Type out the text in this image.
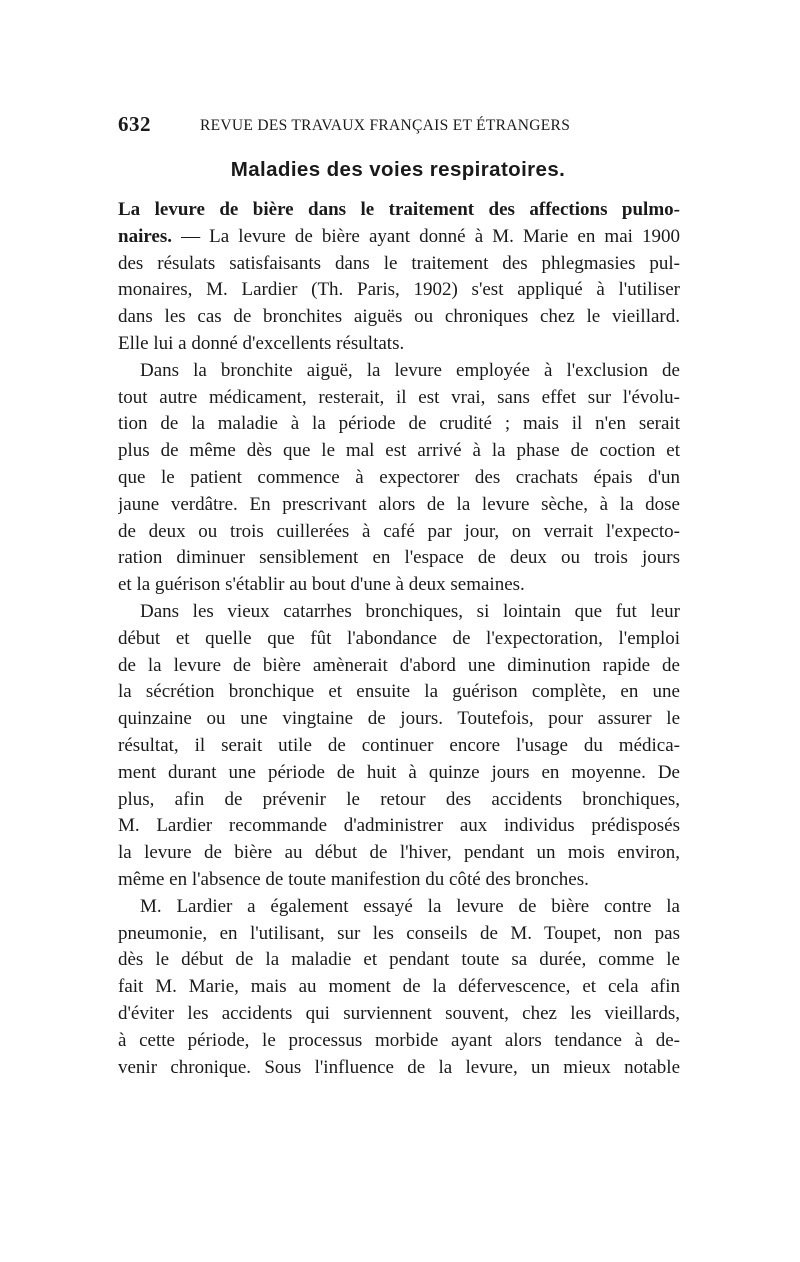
632	REVUE DES TRAVAUX FRANÇAIS ET ÉTRANGERS
Maladies des voies respiratoires.
La levure de bière dans le traitement des affections pulmo-
naires. — La levure de bière ayant donné à M. Marie en mai 1900
des résulats satisfaisants dans le traitement des phlegmasies pul-
monaires, M. Lardier (Th. Paris, 1902) s'est appliqué à l'utiliser
dans les cas de bronchites aiguës ou chroniques chez le vieillard.
Elle lui a donné d'excellents résultats.
Dans la bronchite aiguë, la levure employée à l'exclusion de
tout autre médicament, resterait, il est vrai, sans effet sur l'évolu-
tion de la maladie à la période de crudité ; mais il n'en serait
plus de même dès que le mal est arrivé à la phase de coction et
que le patient commence à expectorer des crachats épais d'un
jaune verdâtre. En prescrivant alors de la levure sèche, à la dose
de deux ou trois cuillerées à café par jour, on verrait l'expecto-
ration diminuer sensiblement en l'espace de deux ou trois jours
et la guérison s'établir au bout d'une à deux semaines.
Dans les vieux catarrhes bronchiques, si lointain que fut leur
début et quelle que fût l'abondance de l'expectoration, l'emploi
de la levure de bière amènerait d'abord une diminution rapide de
la sécrétion bronchique et ensuite la guérison complète, en une
quinzaine ou une vingtaine de jours. Toutefois, pour assurer le
résultat, il serait utile de continuer encore l'usage du médica-
ment durant une période de huit à quinze jours en moyenne. De
plus, afin de prévenir le retour des accidents bronchiques,
M. Lardier recommande d'administrer aux individus prédisposés
la levure de bière au début de l'hiver, pendant un mois environ,
même en l'absence de toute manifestion du côté des bronches.
M. Lardier a également essayé la levure de bière contre la
pneumonie, en l'utilisant, sur les conseils de M. Toupet, non pas
dès le début de la maladie et pendant toute sa durée, comme le
fait M. Marie, mais au moment de la défervescence, et cela afin
d'éviter les accidents qui surviennent souvent, chez les vieillards,
à cette période, le processus morbide ayant alors tendance à de-
venir chronique. Sous l'influence de la levure, un mieux notable
